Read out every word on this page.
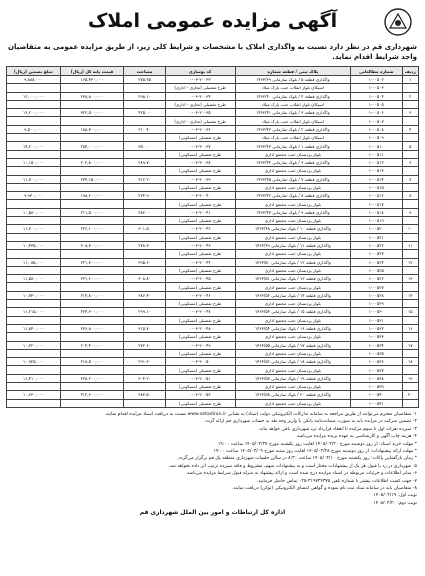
آگهی مزایده عمومی املاک
شهرداری قم در نظر دارد نسبت به واگذاری املاک با مشخصات و شرایط کلی زیر، از طریق مزایده عمومی به متقاضیان واجد شرایط اقدام نماید.
ردیف	شماره مطالعاتی	پلاک ثبتی / قطعه شماره	کد نوسازی	مساحت	قیمت پایه کل (ریال)	مبلغ تضمین (ریال)
۱	۱-۰۰۵۰۲	واگذاری قطعه ۵ / بلوک سازمانی ۱۴۶۳/۳۹	۰-۰۳-۲۰۰۳۳	۲۷۵.۳۵	۱۶۵,۴۳۰,۰۰۰	۹,۸۸۸,۰۰۰
	۱-۰۰۵۰۳	اسپکان بلوار انقلاب جنب پارک میلاد	طرح تفصیلی (تجاری - اداری)			
۲	۱-۰۰۵۰۴	واگذاری قطعه ۴ / بلوک سازمانی ۱۴۶۳/۴۰	۰-۰۳-۲۰۰۳۴	۲۹۸.۱۰	۲۳۸,۸۰۰,۰۰۰	۱۲,۰۰۰,۰۰۰
	۱-۰۰۵۰۵	اسپکان بلوار انقلاب جنب پارک میلاد	طرح تفصیلی (تجاری - اداری)			
۳	۱-۰۰۵۰۶	واگذاری قطعه ۳ / بلوک سازمانی ۱۴۶۳/۴۱	۰-۰۳-۲۰۰۳۵	۴۲۵.۰۰	۳۲۲,۵۰۰,۰۰۰	۱۶,۲۰۰,۰۰۰
	۱-۰۰۵۰۷	اسپکان بلوار انقلاب جنب پارک میلاد	طرح تفصیلی (تجاری - اداری)			
۴	۱-۰۰۵۰۸	واگذاری قطعه ۲ / بلوک سازمانی ۱۴۶۳/۴۲	۰-۰۳-۲۰۰۳۶	۲۱۰.۴۰	۱۸۸,۷۰۰,۰۰۰	۹,۵۰۰,۰۰۰
	۱-۰۰۵۰۹	اسپکان بلوار انقلاب جنب پارک میلاد	طرح تفصیلی (مسکونی)			
۵	۱-۰۰۵۱۰	واگذاری قطعه ۱ / بلوک سازمانی ۱۴۶۳/۴۳	۰-۰۳-۲۰۰۳۷	۳۵۰.۰۰	۲۸۴,۰۰۰,۰۰۰	۱۴,۲۰۰,۰۰۰
	۱-۰۰۵۱۱	بلوار پردیسان جنب مجتمع اداری	طرح تفصیلی (مسکونی)			
۶	۱-۰۰۵۱۲	واگذاری قطعه ۶ / بلوک سازمانی ۱۴۶۳/۴۴	۰-۰۳-۲۰۰۳۸	۲۸۹.۷۰	۲۰۲,۸۰۰,۰۰۰	۱۰,۱۵۰,۰۰۰
	۱-۰۰۵۱۳	بلوار پردیسان جنب مجتمع اداری	طرح تفصیلی (مسکونی)			
۷	۱-۰۰۵۱۴	واگذاری قطعه ۷ / بلوک سازمانی ۱۴۶۳/۴۵	۰-۰۳-۲۰۰۳۹	۳۱۲.۲۰	۲۳۴,۱۵۰,۰۰۰	۱۱,۷۰۰,۰۰۰
	۱-۰۰۵۱۵	بلوار پردیسان جنب مجتمع اداری	طرح تفصیلی (مسکونی)			
۸	۱-۰۰۵۱۶	واگذاری قطعه ۸ / بلوک سازمانی ۱۴۶۳/۴۶	۰-۰۳-۲۰۰۴۰	۲۶۴.۹۰	۱۹۸,۶۰۰,۰۰۰	۹,۹۳۰,۰۰۰
	۱-۰۰۵۱۷	بلوار پردیسان جنب مجتمع اداری	طرح تفصیلی (مسکونی)			
۹	۱-۰۰۵۱۸	واگذاری قطعه ۹ / بلوک سازمانی ۱۴۶۳/۴۷	۰-۰۳-۲۰۰۴۱	۲۸۲.۰۰	۲۱۱,۵۰۰,۰۰۰	۱۰,۵۸۰,۰۰۰
	۱-۰۰۵۱۹	بلوار پردیسان جنب مجتمع اداری	طرح تفصیلی (مسکونی)			
۱۰	۱-۰۰۵۲۰	واگذاری قطعه ۱۰ / بلوک سازمانی ۱۴۶۳/۴۸	۰-۰۳-۲۰۰۴۲	۳۰۱.۵۰	۲۲۶,۱۰۰,۰۰۰	۱۱,۳۰۰,۰۰۰
	۱-۰۰۵۲۱	بلوار پردیسان جنب مجتمع اداری	طرح تفصیلی (مسکونی)			
۱۱	۱-۰۰۵۲۲	واگذاری قطعه ۱۱ / بلوک سازمانی ۱۴۶۳/۴۹	۰-۰۳-۲۰۰۴۳	۲۷۸.۳۰	۲۰۸,۷۰۰,۰۰۰	۱۰,۴۳۵,۰۰۰
	۱-۰۰۵۲۳	بلوار پردیسان جنب مجتمع اداری	طرح تفصیلی (مسکونی)			
۱۲	۱-۰۰۵۲۴	واگذاری قطعه ۱۲ / بلوک سازمانی ۱۴۶۳/۵۰	۰-۰۳-۲۰۰۴۴	۲۹۵.۶۰	۲۲۱,۷۰۰,۰۰۰	۱۱,۰۸۵,۰۰۰
	۱-۰۰۵۲۵	بلوار پردیسان جنب مجتمع اداری	طرح تفصیلی (مسکونی)			
۱۳	۱-۰۰۵۲۶	واگذاری قطعه ۱۳ / بلوک سازمانی ۱۴۶۳/۵۱	۰-۰۳-۲۰۰۴۵	۳۰۸.۸۰	۲۳۱,۶۰۰,۰۰۰	۱۱,۵۸۰,۰۰۰
	۱-۰۰۵۲۷	بلوار پردیسان جنب مجتمع اداری	طرح تفصیلی (مسکونی)			
۱۴	۱-۰۰۵۲۸	واگذاری قطعه ۱۴ / بلوک سازمانی ۱۴۶۳/۵۲	۰-۰۳-۲۰۰۴۶	۲۸۶.۴۰	۲۱۴,۸۰۰,۰۰۰	۱۰,۷۴۰,۰۰۰
	۱-۰۰۵۲۹	بلوار پردیسان جنب مجتمع اداری	طرح تفصیلی (مسکونی)			
۱۵	۱-۰۰۵۳۰	واگذاری قطعه ۱۵ / بلوک سازمانی ۱۴۶۳/۵۳	۰-۰۳-۲۰۰۴۷	۲۹۹.۱۰	۲۲۴,۳۰۰,۰۰۰	۱۱,۲۱۵,۰۰۰
	۱-۰۰۵۳۱	بلوار پردیسان جنب مجتمع اداری	طرح تفصیلی (مسکونی)			
۱۶	۱-۰۰۵۳۲	واگذاری قطعه ۱۶ / بلوک سازمانی ۱۴۶۳/۵۴	۰-۰۳-۲۰۰۴۸	۳۱۵.۷۰	۲۳۶,۸۰۰,۰۰۰	۱۱,۸۴۰,۰۰۰
	۱-۰۰۵۳۳	بلوار پردیسان جنب مجتمع اداری	طرح تفصیلی (مسکونی)			
۱۷	۱-۰۰۵۳۴	واگذاری قطعه ۱۷ / بلوک سازمانی ۱۴۶۳/۵۵	۰-۰۳-۲۰۰۴۹	۲۷۲.۶۰	۲۰۴,۴۰۰,۰۰۰	۱۰,۲۲۰,۰۰۰
	۱-۰۰۵۳۵	بلوار پردیسان جنب مجتمع اداری	طرح تفصیلی (مسکونی)			
۱۸	۱-۰۰۵۳۶	واگذاری قطعه ۱۸ / بلوک سازمانی ۱۴۶۳/۵۶	۰-۰۳-۲۰۰۵۰	۲۹۱.۳۰	۲۱۸,۵۰۰,۰۰۰	۱۰,۹۲۵,۰۰۰
	۱-۰۰۵۳۷	بلوار پردیسان جنب مجتمع اداری	طرح تفصیلی (مسکونی)			
۱۹	۱-۰۰۵۳۸	واگذاری قطعه ۱۹ / بلوک سازمانی ۱۴۶۳/۵۷	۰-۰۳-۲۰۰۵۱	۳۰۴.۲۰	۲۲۸,۲۰۰,۰۰۰	۱۱,۴۱۰,۰۰۰
	۱-۰۰۵۳۹	بلوار پردیسان جنب مجتمع اداری	طرح تفصیلی (مسکونی)			
۲۰	۱-۰۰۵۴۰	واگذاری قطعه ۲۰ / بلوک سازمانی ۱۴۶۳/۵۸	۰-۰۳-۲۰۰۵۲	۲۸۳.۵۰	۲۱۲,۶۰۰,۰۰۰	۱۰,۶۳۰,۰۰۰
	۱-۰۰۵۴۱	بلوار پردیسان جنب مجتمع اداری	طرح تفصیلی (مسکونی)			
۱- متقاضیان محترم می‌توانند از طریق مراجعه به سامانه تدارکات الکترونیکی دولت (ستاد) به نشانی www.setadiran.ir نسبت به دریافت اسناد مزایده اقدام نمایند.
۲- تضمین شرکت در مزایده باید به صورت ضمانت‌نامه بانکی یا واریز وجه نقد به حساب شهرداری قم ارائه گردد.
۳- سپرده نفرات اول تا سوم مزایده تا انعقاد قرارداد نزد شهرداری باقی خواهد ماند.
۴- هزینه چاپ آگهی و کارشناسی به عهده برنده مزایده می‌باشد.
* مهلت خرید اسناد: از روز دوشنبه مورخ ۱۴۰۵/۰۲/۲۰ لغایت روز یکشنبه مورخ ۱۴۰۵/۰۲/۲۷ ساعت ۱۹:۰۰
* مهلت ارائه پیشنهادات: از روز دوشنبه مورخ ۱۴۰۵/۰۲/۲۸ لغایت روز شنبه مورخ ۱۴۰۵/۰۳/۰۹ ساعت ۱۹:۰۰
* زمان بازگشایی پاکات: روز یکشنبه مورخ ۱۴۰۵/۰۳/۱۰ ساعت ۸:۳۰ در سالن جلسات شهرداری منطقه یک قم برگزار می‌گردد.
۵- شهرداری در رد یا قبول هر یک از پیشنهادات مختار است و به پیشنهادات مبهم، مشروط و فاقد سپرده ترتیب اثر داده نخواهد شد.
۶- سایر اطلاعات و جزئیات مربوطه در اسناد مزایده درج شده است و ارائه پیشنهاد به منزله قبول شرایط مزایده می‌باشد.
۷- جهت کسب اطلاعات بیشتر با شماره تلفن ۳۱۹۷۲۴۳۷۵-۰۲۵ تماس حاصل فرمایید.
۸- متقاضیان باید در سامانه ستاد ثبت نام نموده و گواهی امضای الکترونیکی (توکن) دریافت نمایند.
نوبت اول: ۱۴۰۵/۰۲/۱۹
نوبت دوم: ۱۴۰۵/۰۲/۲۰
اداره کل ارتباطات و امور بین الملل شهرداری قم
